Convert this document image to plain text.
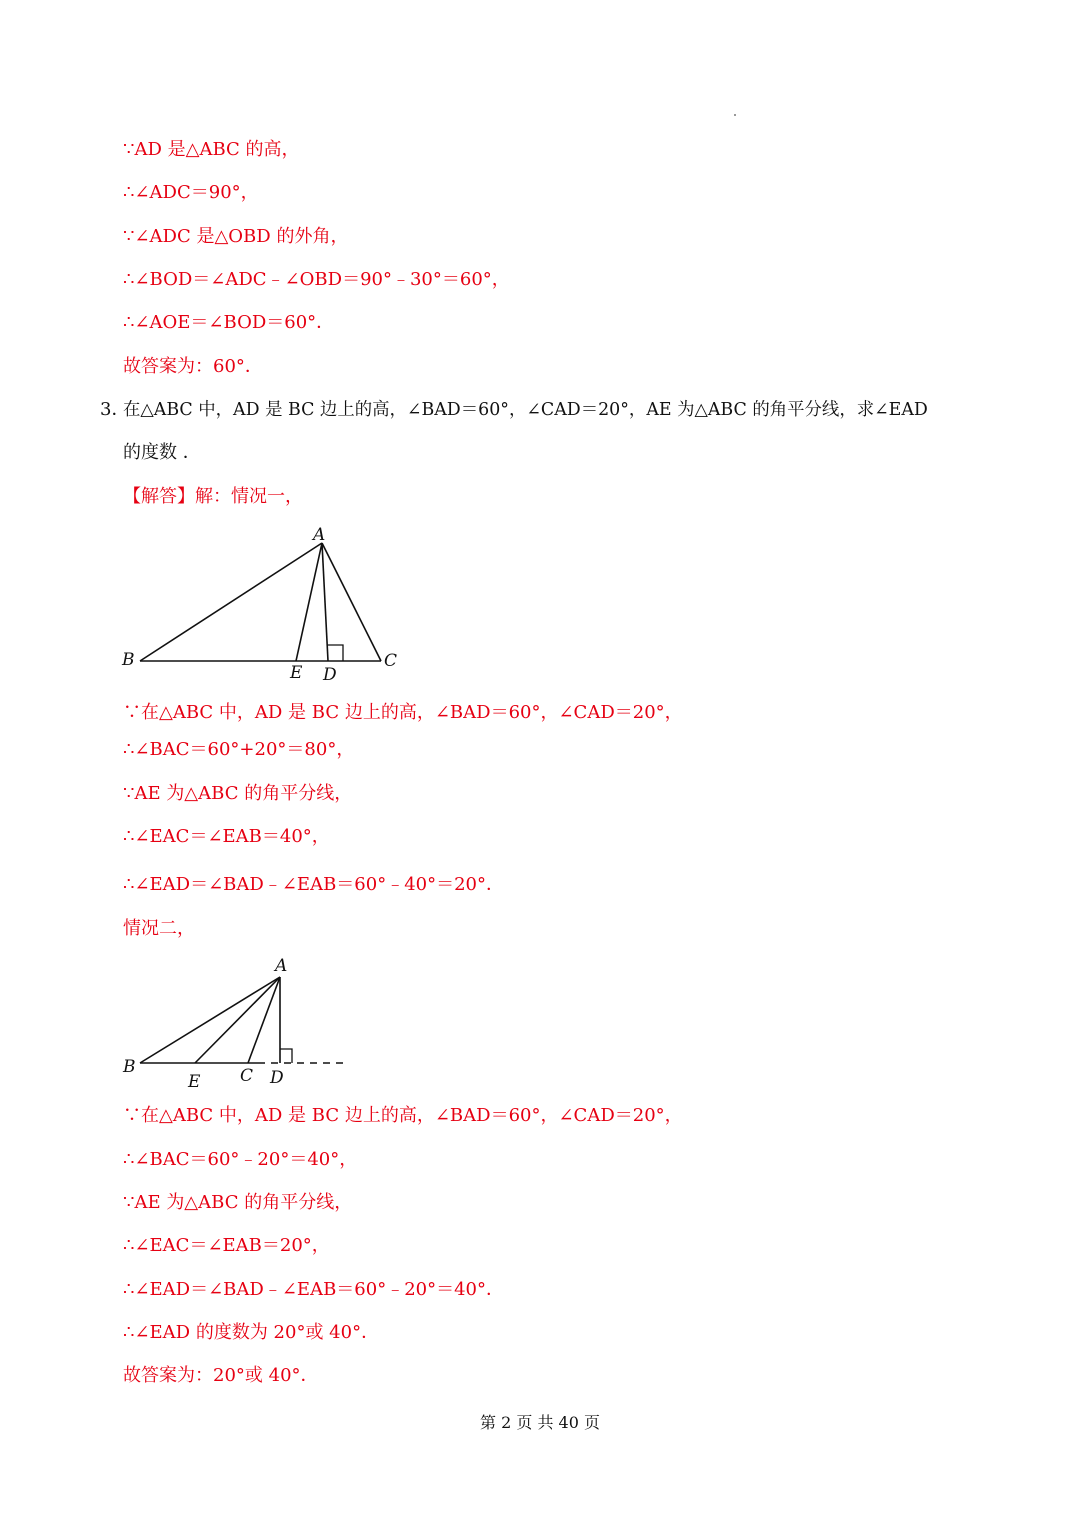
∵AD 是△ABC 的高，
∴∠ADC＝90°，
∵∠ADC 是△OBD 的外角，
∴∠BOD＝∠ADC﹣∠OBD＝90°﹣30°＝60°，
∴∠AOE＝∠BOD＝60°．
故答案为：60°．
3．
在△ABC 中，AD 是 BC 边上的高，∠BAD＝60°，∠CAD＝20°，AE 为△ABC 的角平分线，求∠EAD
的度数 ．
【解答】解：情况一，
A
B	C
D
E
∵在△ABC 中，AD 是 BC 边上的高，∠BAD＝60°，∠CAD＝20°，
∴∠BAC＝60°+20°＝80°，
∵AE 为△ABC 的角平分线，
∴∠EAC＝∠EAB＝40°，
∴∠EAD＝∠BAD﹣∠EAB＝60°﹣40°＝20°．
情况二，
A
B	C D
E
∵在△ABC 中，AD 是 BC 边上的高，∠BAD＝60°，∠CAD＝20°，
∴∠BAC＝60°﹣20°＝40°，
∵AE 为△ABC 的角平分线，
∴∠EAC＝∠EAB＝20°，
∴∠EAD＝∠BAD﹣∠EAB＝60°﹣20°＝40°．
∴∠EAD 的度数为 20°或 40°．
故答案为：20°或 40°．
第 2 页 共 40 页
